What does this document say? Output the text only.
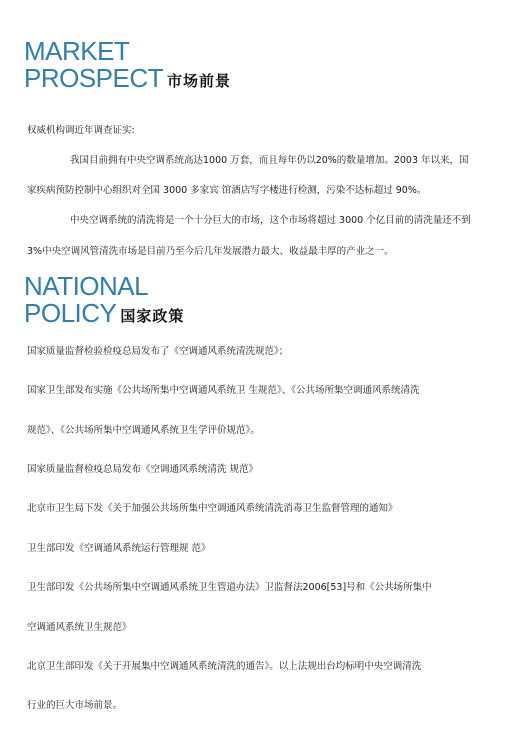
MARKET
PROSPECT 市场前景
权威机构调近年调查证实:
我国目前拥有中央空调系统高达1000 万套，而且每年仍以20%的数量增加。2003 年以来，国
家疾病预防控制中心组织对全国 3000 多家宾 馆酒店写字楼进行检测，污染不达标超过 90%。
中央空调系统的清洗将是一个十分巨大的市场，这个市场将超过 3000 个亿目前的清洗量还不到
3%中央空调风管清洗市场是目前乃至今后几年发展潜力最大、收益最丰厚的产业之一。
NATIONAL
POLICY 国家政策
国家质量监督检验检疫总局发布了《空调通风系统清洗规范》；
国家卫生部发布实施《公共场所集中空调通风系统卫 生规范》、《公共场所集空调通风系统清洗
规范》、《公共场所集中空调通风系统卫生学评价规范》。
国家质量监督检疫总局发布《空调通风系统清洗 规范》
北京市卫生局下发《关于加强公共场所集中空调通风系统清洗消毒卫生监督管理的通知》
卫生部印发《空调通风系统运行管理规 范》
卫生部印发《公共场所集中空调通风系统卫生管道办法》卫监督法2006[53]号和《公共场所集中
空调通风系统卫生规范》
北京卫生部印发《关于开展集中空调通风系统清洗的通告》。以上法规出台均标明中央空调清洗
行业的巨大市场前景。
